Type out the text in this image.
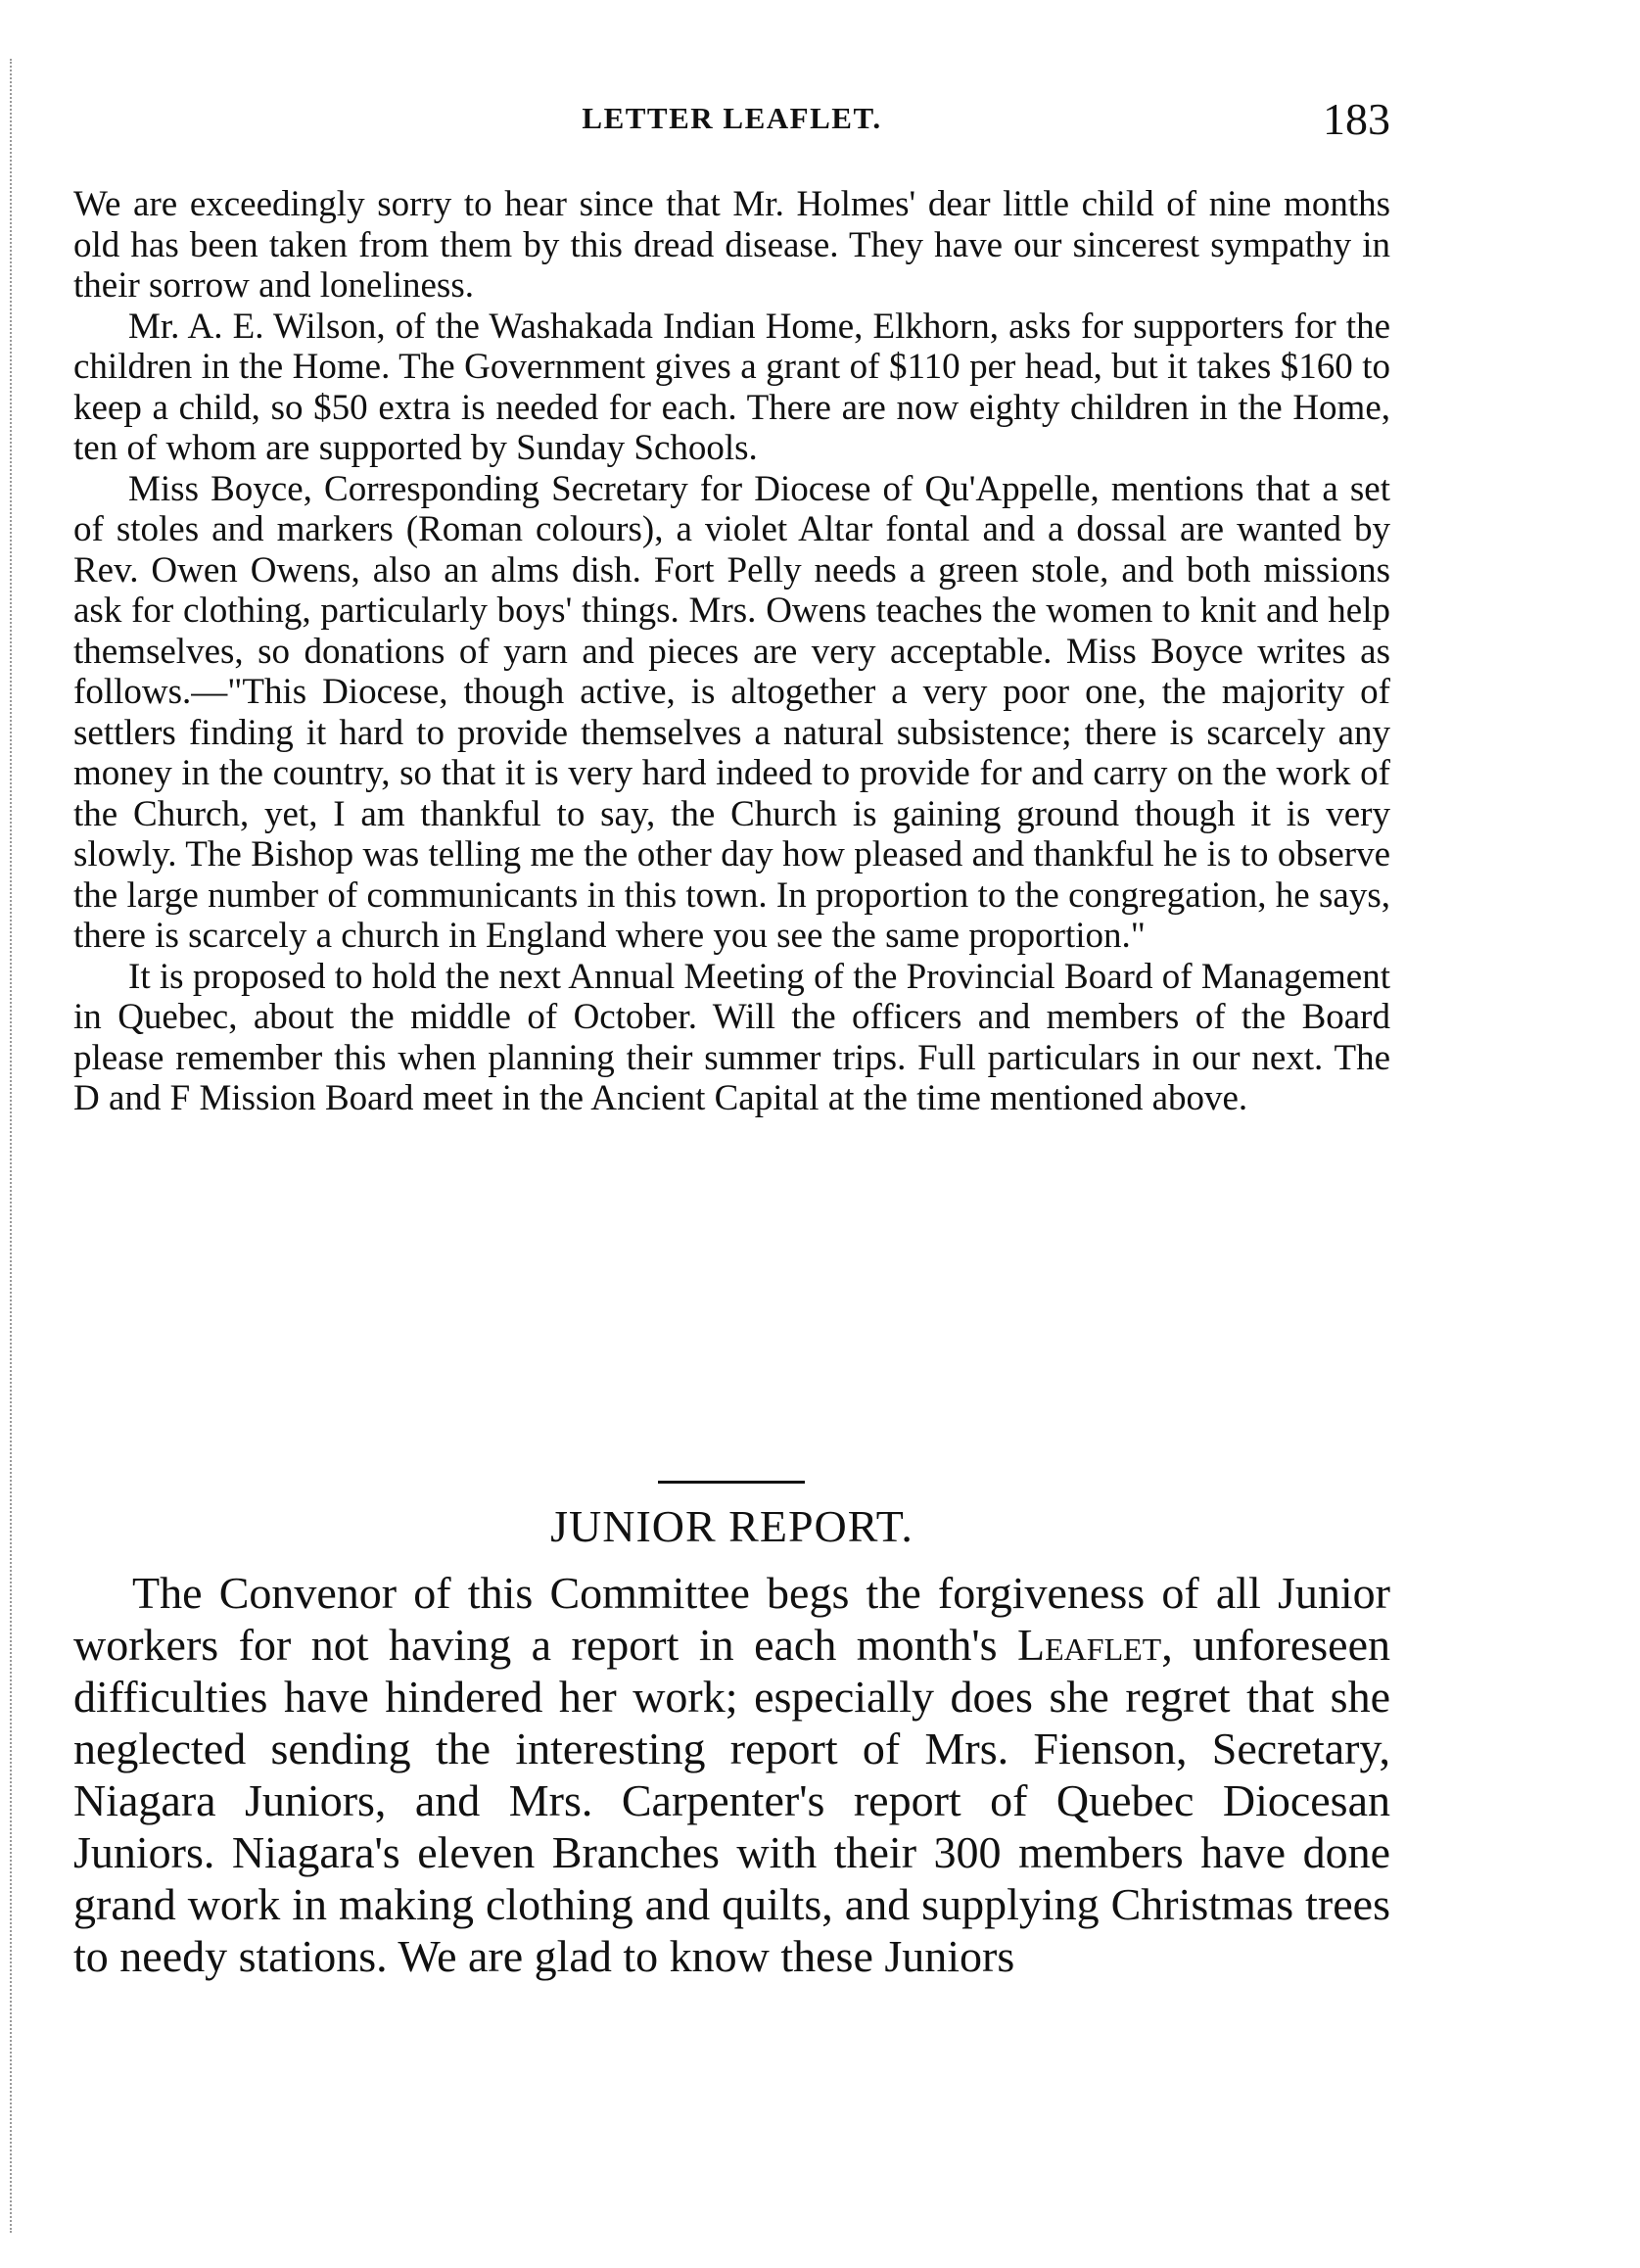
LETTER LEAFLET.	183

We are exceedingly sorry to hear since that Mr. Holmes' dear little child of nine months old has been taken from them by this dread disease. They have our sincerest sympathy in their sorrow and loneliness.

Mr. A. E. Wilson, of the Washakada Indian Home, Elkhorn, asks for supporters for the children in the Home. The Government gives a grant of $110 per head, but it takes $160 to keep a child, so $50 extra is needed for each. There are now eighty children in the Home, ten of whom are supported by Sunday Schools.

Miss Boyce, Corresponding Secretary for Diocese of Qu'Appelle, mentions that a set of stoles and markers (Roman colours), a violet Altar fontal and a dossal are wanted by Rev. Owen Owens, also an alms dish. Fort Pelly needs a green stole, and both missions ask for clothing, particularly boys' things. Mrs. Owens teaches the women to knit and help themselves, so donations of yarn and pieces are very acceptable. Miss Boyce writes as follows.—"This Diocese, though active, is altogether a very poor one, the majority of settlers finding it hard to provide themselves a natural subsistence; there is scarcely any money in the country, so that it is very hard indeed to provide for and carry on the work of the Church, yet, I am thankful to say, the Church is gaining ground though it is very slowly. The Bishop was telling me the other day how pleased and thankful he is to observe the large number of communicants in this town. In proportion to the congregation, he says, there is scarcely a church in England where you see the same proportion."

It is proposed to hold the next Annual Meeting of the Provincial Board of Management in Quebec, about the middle of October. Will the officers and members of the Board please remember this when planning their summer trips. Full particulars in our next. The D and F Mission Board meet in the Ancient Capital at the time mentioned above.

JUNIOR REPORT.

The Convenor of this Committee begs the forgiveness of all Junior workers for not having a report in each month's Leaflet, unforeseen difficulties have hindered her work; especially does she regret that she neglected sending the interesting report of Mrs. Fienson, Secretary, Niagara Juniors, and Mrs. Carpenter's report of Quebec Diocesan Juniors. Niagara's eleven Branches with their 300 members have done grand work in making clothing and quilts, and supplying Christmas trees to needy stations. We are glad to know these Juniors
